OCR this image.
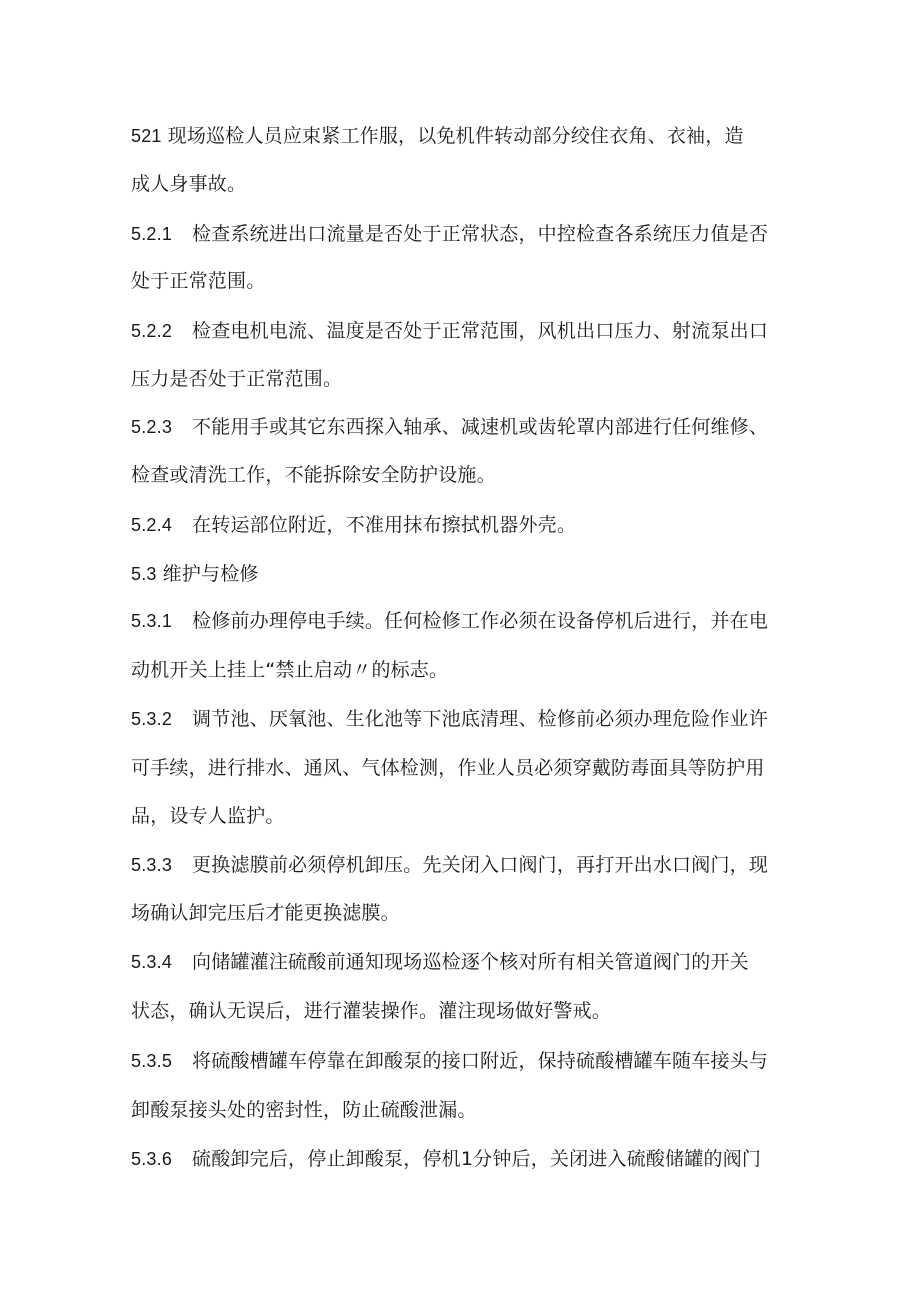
521 现场巡检人员应束紧工作服，以免机件转动部分绞住衣角、衣袖，造
成人身事故。
5.2.1 检查系统进出口流量是否处于正常状态，中控检查各系统压力值是否
处于正常范围。
5.2.2 检查电机电流、温度是否处于正常范围，风机出口压力、射流泵出口
压力是否处于正常范围。
5.2.3 不能用手或其它东西探入轴承、减速机或齿轮罩内部进行任何维修、
检查或清洗工作，不能拆除安全防护设施。
5.2.4 在转运部位附近，不准用抹布擦拭机器外壳。
5.3 维护与检修
5.3.1 检修前办理停电手续。任何检修工作必须在设备停机后进行，并在电
动机开关上挂上“禁止启动〃的标志。
5.3.2 调节池、厌氧池、生化池等下池底清理、检修前必须办理危险作业许
可手续，进行排水、通风、气体检测，作业人员必须穿戴防毒面具等防护用
品，设专人监护。
5.3.3 更换滤膜前必须停机卸压。先关闭入口阀门，再打开出水口阀门，现
场确认卸完压后才能更换滤膜。
5.3.4 向储罐灌注硫酸前通知现场巡检逐个核对所有相关管道阀门的开关
状态，确认无误后，进行灌装操作。灌注现场做好警戒。
5.3.5 将硫酸槽罐车停靠在卸酸泵的接口附近，保持硫酸槽罐车随车接头与
卸酸泵接头处的密封性，防止硫酸泄漏。
5.3.6 硫酸卸完后，停止卸酸泵，停机1分钟后，关闭进入硫酸储罐的阀门
